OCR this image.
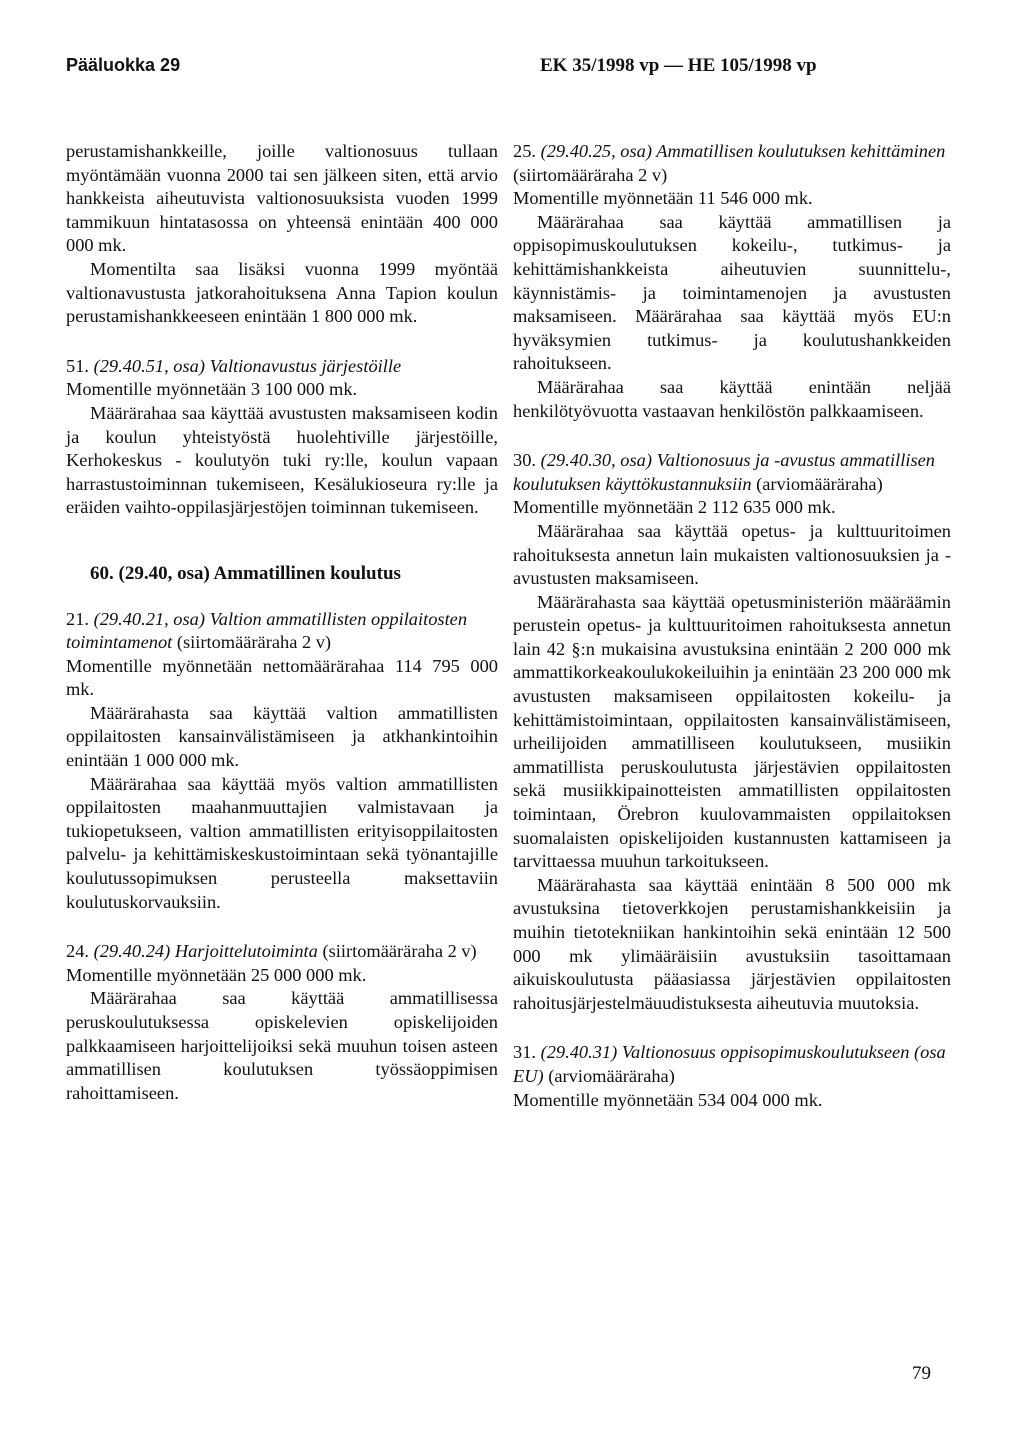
Pääluokka 29	EK 35/1998 vp — HE 105/1998 vp

perustamishankkeille, joille valtionosuus tullaan myöntämään vuonna 2000 tai sen jälkeen siten, että arvio hankkeista aiheutuvista valtionosuuksista vuoden 1999 tammikuun hintatasossa on yhteensä enintään 400 000 000 mk.

Momentilta saa lisäksi vuonna 1999 myöntää valtionavustusta jatkorahoituksena Anna Tapion koulun perustamishankkeeseen enintään 1 800 000 mk.

51. (29.40.51, osa) Valtionavustus järjestöille

Momentille myönnetään 3 100 000 mk.

Määrärahaa saa käyttää avustusten maksamiseen kodin ja koulun yhteistyöstä huolehtiville järjestöille, Kerhokeskus - koulutyön tuki ry:lle, koulun vapaan harrastustoiminnan tukemiseen, Kesälukioseura ry:lle ja eräiden vaihto-oppilasjärjestöjen toiminnan tukemiseen.

60. (29.40, osa) Ammatillinen koulutus

21. (29.40.21, osa) Valtion ammatillisten oppilaitosten toimintamenot (siirtomääräraha 2 v)

Momentille myönnetään nettomäärärahaa 114 795 000 mk.

Määrärahasta saa käyttää valtion ammatillisten oppilaitosten kansainvälistämiseen ja atkhankintoihin enintään 1 000 000 mk.

Määrärahaa saa käyttää myös valtion ammatillisten oppilaitosten maahanmuuttajien valmistavaan ja tukiopetukseen, valtion ammatillisten erityisoppilaitosten palvelu- ja kehittämiskeskustoimintaan sekä työnantajille koulutussopimuksen perusteella maksettaviin koulutuskorvauksiin.

24. (29.40.24) Harjoittelutoiminta (siirtomääräraha 2 v)

Momentille myönnetään 25 000 000 mk.

Määrärahaa saa käyttää ammatillisessa peruskoulutuksessa opiskelevien opiskelijoiden palkkaamiseen harjoittelijoiksi sekä muuhun toisen asteen ammatillisen koulutuksen työssäoppimisen rahoittamiseen.

25. (29.40.25, osa) Ammatillisen koulutuksen kehittäminen (siirtomääräraha 2 v)

Momentille myönnetään 11 546 000 mk.

Määrärahaa saa käyttää ammatillisen ja oppisopimuskoulutuksen kokeilu-, tutkimus- ja kehittämishankkeista aiheutuvien suunnittelu-, käynnistämis- ja toimintamenojen ja avustusten maksamiseen. Määrärahaa saa käyttää myös EU:n hyväksymien tutkimus- ja koulutushankkeiden rahoitukseen.

Määrärahaa saa käyttää enintään neljää henkilötyövuotta vastaavan henkilöstön palkkaamiseen.

30. (29.40.30, osa) Valtionosuus ja -avustus ammatillisen koulutuksen käyttökustannuksiin (arviomääräraha)

Momentille myönnetään 2 112 635 000 mk.

Määrärahaa saa käyttää opetus- ja kulttuuritoimen rahoituksesta annetun lain mukaisten valtionosuuksien ja -avustusten maksamiseen.

Määrärahasta saa käyttää opetusministeriön määräämin perustein opetus- ja kulttuuritoimen rahoituksesta annetun lain 42 §:n mukaisina avustuksina enintään 2 200 000 mk ammattikorkeakoulukokeiluihin ja enintään 23 200 000 mk avustusten maksamiseen oppilaitosten kokeilu- ja kehittämistoimintaan, oppilaitosten kansainvälistämiseen, urheilijoiden ammatilliseen koulutukseen, musiikin ammatillista peruskoulutusta järjestävien oppilaitosten sekä musiikkipainotteisten ammatillisten oppilaitosten toimintaan, Örebron kuulovammaisten oppilaitoksen suomalaisten opiskelijoiden kustannusten kattamiseen ja tarvittaessa muuhun tarkoitukseen.

Määrärahasta saa käyttää enintään 8 500 000 mk avustuksina tietoverkkojen perustamishankkeisiin ja muihin tietotekniikan hankintoihin sekä enintään 12 500 000 mk ylimääräisiin avustuksiin tasoittamaan aikuiskoulutusta pääasiassa järjestävien oppilaitosten rahoitusjärjestelmäuudistuksesta aiheutuvia muutoksia.

31. (29.40.31) Valtionosuus oppisopimuskoulutukseen (osa EU) (arviomääräraha)

Momentille myönnetään 534 004 000 mk.

79
